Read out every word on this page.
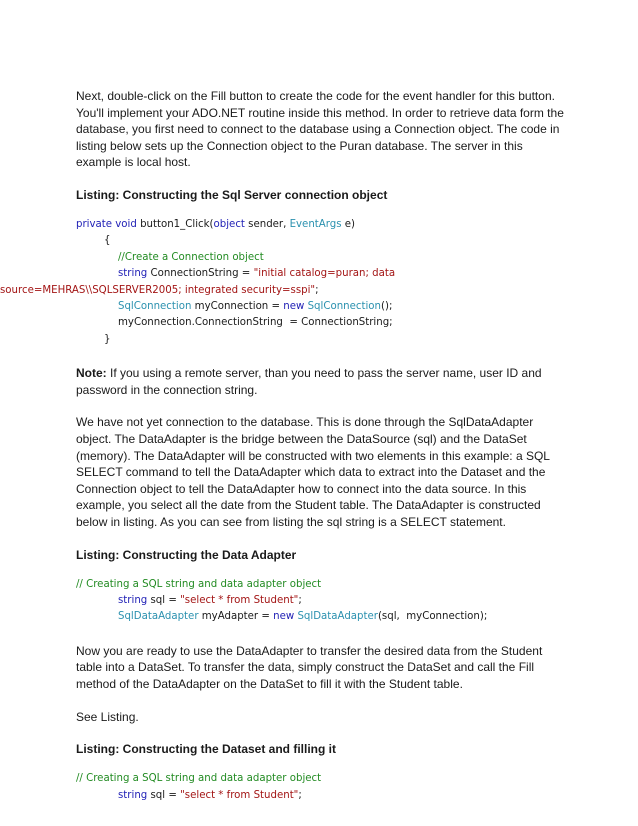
Next, double-click on the Fill button to create the code for the event handler for this button. You'll implement your ADO.NET routine inside this method. In order to retrieve data form the database, you first need to connect to the database using a Connection object. The code in listing below sets up the Connection object to the Puran database. The server in this example is local host.

Listing: Constructing the Sql Server connection object
private void button1_Click(object sender, EventArgs e)
{
//Create a Connection object
string ConnectionString = "initial catalog=puran; data
source=MEHRAS\\SQLSERVER2005; integrated security=sspi";
SqlConnection myConnection = new SqlConnection();
myConnection.ConnectionString  = ConnectionString;
}

Note: If you using a remote server, than you need to pass the server name, user ID and password in the connection string.

We have not yet connection to the database. This is done through the SqlDataAdapter object. The DataAdapter is the bridge between the DataSource (sql) and the DataSet (memory). The DataAdapter will be constructed with two elements in this example: a SQL SELECT command to tell the DataAdapter which data to extract into the Dataset and the Connection object to tell the DataAdapter how to connect into the data source. In this example, you select all the date from the Student table. The DataAdapter is constructed below in listing. As you can see from listing the sql string is a SELECT statement.

Listing: Constructing the Data Adapter
// Creating a SQL string and data adapter object
string sql = "select * from Student";
SqlDataAdapter myAdapter = new SqlDataAdapter(sql,  myConnection);

Now you are ready to use the DataAdapter to transfer the desired data from the Student table into a DataSet. To transfer the data, simply construct the DataSet and call the Fill method of the DataAdapter on the DataSet to fill it with the Student table.

See Listing.

Listing: Constructing the Dataset and filling it
// Creating a SQL string and data adapter object
string sql = "select * from Student";
